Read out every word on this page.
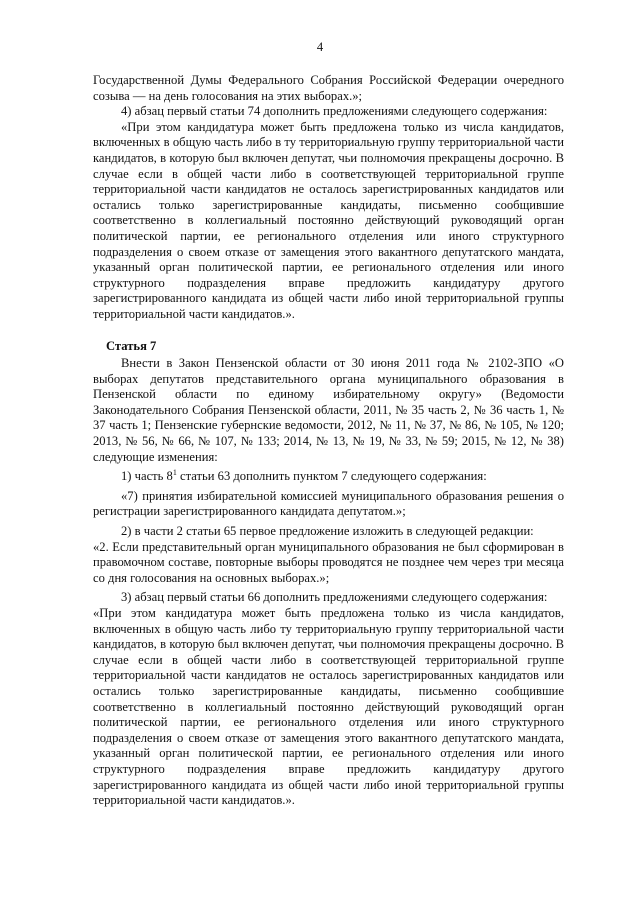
4

Государственной Думы Федерального Собрания Российской Федерации очередного созыва — на день голосования на этих выборах.»;

4) абзац первый статьи 74 дополнить предложениями следующего содержания:

«При этом кандидатура может быть предложена только из числа кандидатов, включенных в общую часть либо в ту территориальную группу территориальной части кандидатов, в которую был включен депутат, чьи полномочия прекращены досрочно. В случае если в общей части либо в соответствующей территориальной группе территориальной части кандидатов не осталось зарегистрированных кандидатов или остались только зарегистрированные кандидаты, письменно сообщившие соответственно в коллегиальный постоянно действующий руководящий орган политической партии, ее регионального отделения или иного структурного подразделения о своем отказе от замещения этого вакантного депутатского мандата, указанный орган политической партии, ее регионального отделения или иного структурного подразделения вправе предложить кандидатуру другого зарегистрированного кандидата из общей части либо иной территориальной группы территориальной части кандидатов.».

Статья 7

Внести в Закон Пензенской области от 30 июня 2011 года № 2102-ЗПО «О выборах депутатов представительного органа муниципального образования в Пензенской области по единому избирательному округу» (Ведомости Законодательного Собрания Пензенской области, 2011, № 35 часть 2, № 36 часть 1, № 37 часть 1; Пензенские губернские ведомости, 2012, № 11, № 37, № 86, № 105, № 120; 2013, № 56, № 66, № 107, № 133; 2014, № 13, № 19, № 33, № 59; 2015, № 12, № 38) следующие изменения:

1) часть $8^1$ статьи 63 дополнить пунктом 7 следующего содержания:

«7) принятия избирательной комиссией муниципального образования решения о регистрации зарегистрированного кандидата депутатом.»;

2) в части 2 статьи 65 первое предложение изложить в следующей редакции:

«2. Если представительный орган муниципального образования не был сформирован в правомочном составе, повторные выборы проводятся не позднее чем через три месяца со дня голосования на основных выборах.»;

3) абзац первый статьи 66 дополнить предложениями следующего содержания:

«При этом кандидатура может быть предложена только из числа кандидатов, включенных в общую часть либо ту территориальную группу территориальной части кандидатов, в которую был включен депутат, чьи полномочия прекращены досрочно. В случае если в общей части либо в соответствующей территориальной группе территориальной части кандидатов не осталось зарегистрированных кандидатов или остались только зарегистрированные кандидаты, письменно сообщившие соответственно в коллегиальный постоянно действующий руководящий орган политической партии, ее регионального отделения или иного структурного подразделения о своем отказе от замещения этого вакантного депутатского мандата, указанный орган политической партии, ее регионального отделения или иного структурного подразделения вправе предложить кандидатуру другого зарегистрированного кандидата из общей части либо иной территориальной группы территориальной части кандидатов.».
